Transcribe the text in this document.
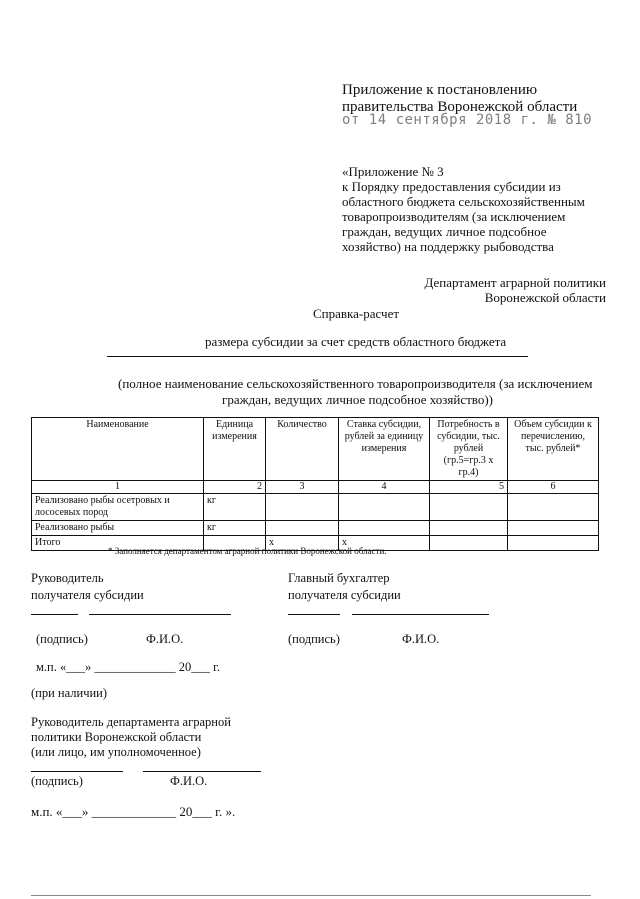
Приложение к постановлению
правительства Воронежской области
от 14 сентября 2018 г. № 810
«Приложение № 3
к Порядку предоставления субсидии из
областного бюджета сельскохозяйственным
товаропроизводителям (за исключением
граждан, ведущих личное подсобное
хозяйство) на поддержку рыбоводства
Департамент аграрной политики
Воронежской области
Справка-расчет
размера субсидии за счет средств областного бюджета
(полное наименование сельскохозяйственного товаропроизводителя (за исключением
граждан, ведущих личное подсобное хозяйство))
Наименование	Единица измерения	Количество	Ставка субсидии, рублей за единицу измерения	Потребность в субсидии, тыс. рублей (гр.5=гр.3 х гр.4)	Объем субсидии к перечислению, тыс. рублей*
1	2	3	4	5	6
Реализовано рыбы осетровых и лососевых пород	кг				
Реализовано рыбы	кг				
Итого		х	х		
* Заполняется департаментом аграрной политики Воронежской области.
Руководитель
получателя субсидии
(подпись)	Ф.И.О.
Главный бухгалтер
получателя субсидии
(подпись)	Ф.И.О.
м.п. «___» _____________ 20___ г.
(при наличии)
Руководитель департамента аграрной
политики Воронежской области
(или лицо, им уполномоченное)
(подпись)	Ф.И.О.
м.п. «___» _____________ 20___ г. ».
